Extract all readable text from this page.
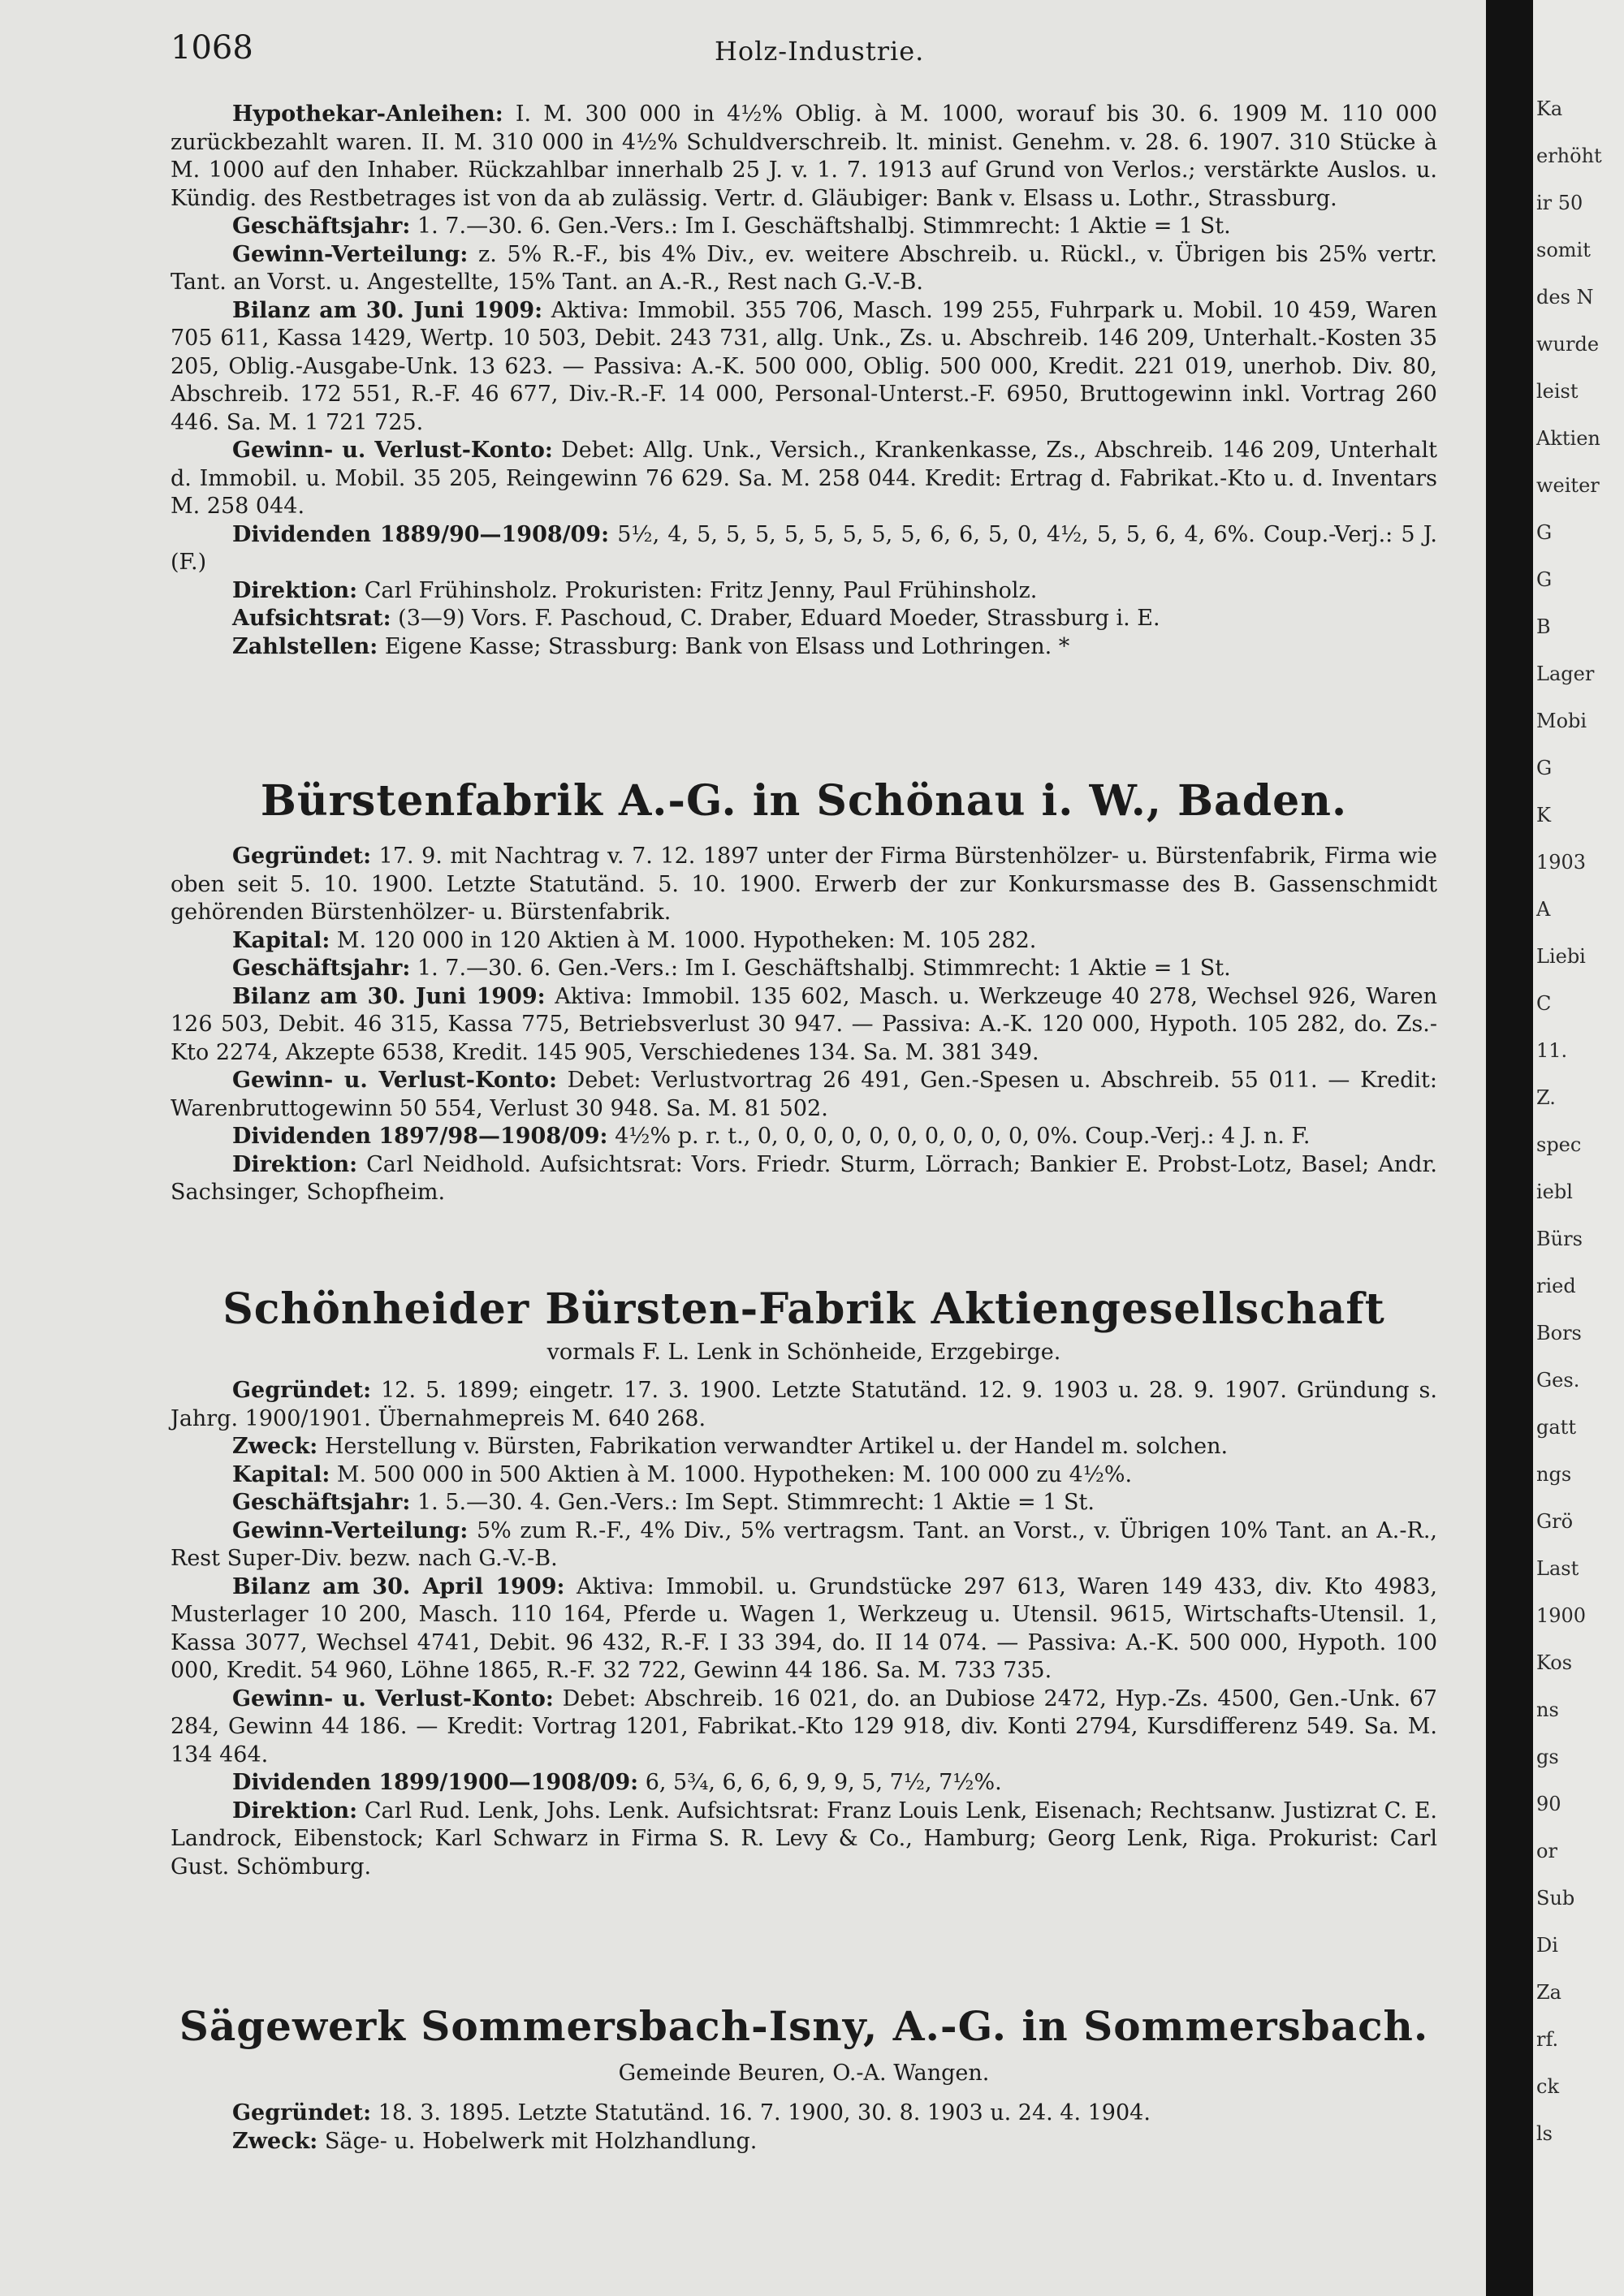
1068	Holz-Industrie.

Hypothekar-Anleihen: I. M. 300 000 in 4½% Oblig. à M. 1000, worauf bis 30. 6. 1909 M. 110 000 zurückbezahlt waren. II. M. 310 000 in 4½% Schuldverschreib. lt. minist. Genehm. v. 28. 6. 1907. 310 Stücke à M. 1000 auf den Inhaber. Rückzahlbar innerhalb 25 J. v. 1. 7. 1913 auf Grund von Verlos.; verstärkte Auslos. u. Kündig. des Restbetrages ist von da ab zulässig. Vertr. d. Gläubiger: Bank v. Elsass u. Lothr., Strassburg.

Geschäftsjahr: 1. 7.—30. 6. Gen.-Vers.: Im I. Geschäftshalbj. Stimmrecht: 1 Aktie = 1 St.

Gewinn-Verteilung: z. 5% R.-F., bis 4% Div., ev. weitere Abschreib. u. Rückl., v. Übrigen bis 25% vertr. Tant. an Vorst. u. Angestellte, 15% Tant. an A.-R., Rest nach G.-V.-B.

Bilanz am 30. Juni 1909: Aktiva: Immobil. 355 706, Masch. 199 255, Fuhrpark u. Mobil. 10 459, Waren 705 611, Kassa 1429, Wertp. 10 503, Debit. 243 731, allg. Unk., Zs. u. Abschreib. 146 209, Unterhalt.-Kosten 35 205, Oblig.-Ausgabe-Unk. 13 623. — Passiva: A.-K. 500 000, Oblig. 500 000, Kredit. 221 019, unerhob. Div. 80, Abschreib. 172 551, R.-F. 46 677, Div.-R.-F. 14 000, Personal-Unterst.-F. 6950, Bruttogewinn inkl. Vortrag 260 446. Sa. M. 1 721 725.

Gewinn- u. Verlust-Konto: Debet: Allg. Unk., Versich., Krankenkasse, Zs., Abschreib. 146 209, Unterhalt d. Immobil. u. Mobil. 35 205, Reingewinn 76 629. Sa. M. 258 044. Kredit: Ertrag d. Fabrikat.-Kto u. d. Inventars M. 258 044.

Dividenden 1889/90—1908/09: 5½, 4, 5, 5, 5, 5, 5, 5, 5, 5, 6, 6, 5, 0, 4½, 5, 5, 6, 4, 6%. Coup.-Verj.: 5 J. (F.)

Direktion: Carl Frühinsholz. Prokuristen: Fritz Jenny, Paul Frühinsholz.

Aufsichtsrat: (3—9) Vors. F. Paschoud, C. Draber, Eduard Moeder, Strassburg i. E.

Zahlstellen: Eigene Kasse; Strassburg: Bank von Elsass und Lothringen. *

Bürstenfabrik A.-G. in Schönau i. W., Baden.

Gegründet: 17. 9. mit Nachtrag v. 7. 12. 1897 unter der Firma Bürstenhölzer- u. Bürstenfabrik, Firma wie oben seit 5. 10. 1900. Letzte Statutänd. 5. 10. 1900. Erwerb der zur Konkursmasse des B. Gassenschmidt gehörenden Bürstenhölzer- u. Bürstenfabrik.

Kapital: M. 120 000 in 120 Aktien à M. 1000. Hypotheken: M. 105 282.

Geschäftsjahr: 1. 7.—30. 6. Gen.-Vers.: Im I. Geschäftshalbj. Stimmrecht: 1 Aktie = 1 St.

Bilanz am 30. Juni 1909: Aktiva: Immobil. 135 602, Masch. u. Werkzeuge 40 278, Wechsel 926, Waren 126 503, Debit. 46 315, Kassa 775, Betriebsverlust 30 947. — Passiva: A.-K. 120 000, Hypoth. 105 282, do. Zs.-Kto 2274, Akzepte 6538, Kredit. 145 905, Verschiedenes 134. Sa. M. 381 349.

Gewinn- u. Verlust-Konto: Debet: Verlustvortrag 26 491, Gen.-Spesen u. Abschreib. 55 011. — Kredit: Warenbruttogewinn 50 554, Verlust 30 948. Sa. M. 81 502.

Dividenden 1897/98—1908/09: 4½% p. r. t., 0, 0, 0, 0, 0, 0, 0, 0, 0, 0, 0%. Coup.-Verj.: 4 J. n. F.

Direktion: Carl Neidhold. Aufsichtsrat: Vors. Friedr. Sturm, Lörrach; Bankier E. Probst-Lotz, Basel; Andr. Sachsinger, Schopfheim.

Schönheider Bürsten-Fabrik Aktiengesellschaft

vormals F. L. Lenk in Schönheide, Erzgebirge.

Gegründet: 12. 5. 1899; eingetr. 17. 3. 1900. Letzte Statutänd. 12. 9. 1903 u. 28. 9. 1907. Gründung s. Jahrg. 1900/1901. Übernahmepreis M. 640 268.

Zweck: Herstellung v. Bürsten, Fabrikation verwandter Artikel u. der Handel m. solchen.

Kapital: M. 500 000 in 500 Aktien à M. 1000. Hypotheken: M. 100 000 zu 4½%.

Geschäftsjahr: 1. 5.—30. 4. Gen.-Vers.: Im Sept. Stimmrecht: 1 Aktie = 1 St.

Gewinn-Verteilung: 5% zum R.-F., 4% Div., 5% vertragsm. Tant. an Vorst., v. Übrigen 10% Tant. an A.-R., Rest Super-Div. bezw. nach G.-V.-B.

Bilanz am 30. April 1909: Aktiva: Immobil. u. Grundstücke 297 613, Waren 149 433, div. Kto 4983, Musterlager 10 200, Masch. 110 164, Pferde u. Wagen 1, Werkzeug u. Utensil. 9615, Wirtschafts-Utensil. 1, Kassa 3077, Wechsel 4741, Debit. 96 432, R.-F. I 33 394, do. II 14 074. — Passiva: A.-K. 500 000, Hypoth. 100 000, Kredit. 54 960, Löhne 1865, R.-F. 32 722, Gewinn 44 186. Sa. M. 733 735.

Gewinn- u. Verlust-Konto: Debet: Abschreib. 16 021, do. an Dubiose 2472, Hyp.-Zs. 4500, Gen.-Unk. 67 284, Gewinn 44 186. — Kredit: Vortrag 1201, Fabrikat.-Kto 129 918, div. Konti 2794, Kursdifferenz 549. Sa. M. 134 464.

Dividenden 1899/1900—1908/09: 6, 5¾, 6, 6, 6, 9, 9, 5, 7½, 7½%.

Direktion: Carl Rud. Lenk, Johs. Lenk. Aufsichtsrat: Franz Louis Lenk, Eisenach; Rechtsanw. Justizrat C. E. Landrock, Eibenstock; Karl Schwarz in Firma S. R. Levy & Co., Hamburg; Georg Lenk, Riga. Prokurist: Carl Gust. Schömburg.

Sägewerk Sommersbach-Isny, A.-G. in Sommersbach.

Gemeinde Beuren, O.-A. Wangen.

Gegründet: 18. 3. 1895. Letzte Statutänd. 16. 7. 1900, 30. 8. 1903 u. 24. 4. 1904.

Zweck: Säge- u. Hobelwerk mit Holzhandlung.

Ka
erhöht
ir 50
somit
des N
wurde
leist
Aktien
weiter
G
G
B
Lager
Mobi
G
K
1903
A
Liebi
C
11.
Z.
spec
iebl
Bürs
ried
Bors
Ges.
gatt
ngs
Grö
Last
1900
Kos
ns
gs
90
or
Sub
Di
Za
rf.
ck
ls
